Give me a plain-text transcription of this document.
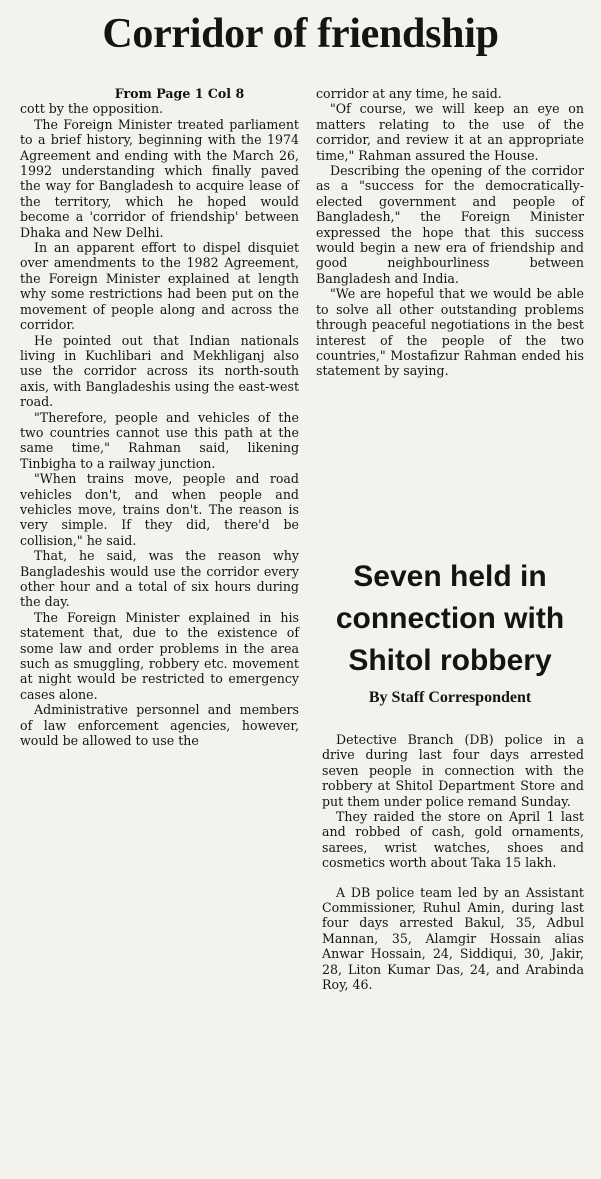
Corridor of friendship

From Page 1 Col 8

cott by the opposition.

The Foreign Minister treated parliament to a brief history, beginning with the 1974 Agreement and ending with the March 26, 1992 understanding which finally paved the way for Bangladesh to acquire lease of the territory, which he hoped would become a 'corridor of friendship' between Dhaka and New Delhi.

In an apparent effort to dispel disquiet over amendments to the 1982 Agreement, the Foreign Minister explained at length why some restrictions had been put on the movement of people along and across the corridor.

He pointed out that Indian nationals living in Kuchlibari and Mekhliganj also use the corridor across its north-south axis, with Bangladeshis using the east-west road.

"Therefore, people and vehicles of the two countries cannot use this path at the same time," Rahman said, likening Tinbigha to a railway junction.

"When trains move, people and road vehicles don't, and when people and vehicles move, trains don't. The reason is very simple. If they did, there'd be collision," he said.

That, he said, was the reason why Bangladeshis would use the corridor every other hour and a total of six hours during the day.

The Foreign Minister explained in his statement that, due to the existence of some law and order problems in the area such as smuggling, robbery etc. movement at night would be restricted to emergency cases alone.

Administrative personnel and members of law enforcement agencies, however, would be allowed to use the

corridor at any time, he said.

"Of course, we will keep an eye on matters relating to the use of the corridor, and review it at an appropriate time," Rahman assured the House.

Describing the opening of the corridor as a "success for the democratically-elected government and people of Bangladesh," the Foreign Minister expressed the hope that this success would begin a new era of friendship and good neighbourliness between Bangladesh and India.

"We are hopeful that we would be able to solve all other outstanding problems through peaceful negotiations in the best interest of the people of the two countries," Mostafizur Rahman ended his statement by saying.

Seven held in connection with Shitol robbery
By Staff Correspondent

Detective Branch (DB) police in a drive during last four days arrested seven people in connection with the robbery at Shitol Department Store and put them under police remand Sunday.

They raided the store on April 1 last and robbed of cash, gold ornaments, sarees, wrist watches, shoes and cosmetics worth about Taka 15 lakh.

A DB police team led by an Assistant Commissioner, Ruhul Amin, during last four days arrested Bakul, 35, Adbul Mannan, 35, Alamgir Hossain alias Anwar Hossain, 24, Siddiqui, 30, Jakir, 28, Liton Kumar Das, 24, and Arabinda Roy, 46.
